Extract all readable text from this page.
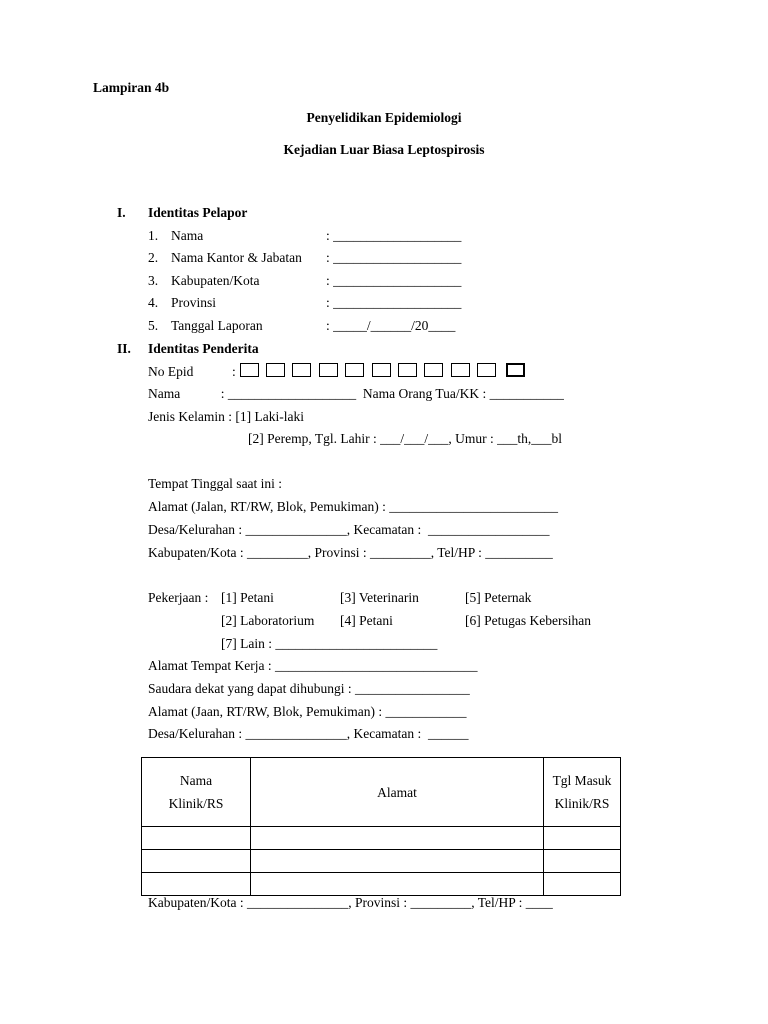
Lampiran 4b
Penyelidikan Epidemiologi
Kejadian Luar Biasa Leptospirosis
I. Identitas Pelapor
1. Nama	: ___________________
2. Nama Kantor & Jabatan : ___________________
3. Kabupaten/Kota	: ___________________
4. Provinsi	: ___________________
5. Tanggal Laporan	: _____/______/20____
II. Identitas Penderita
No Epid	:
Nama            : ___________________  Nama Orang Tua/KK : ___________
Jenis Kelamin : [1] Laki-laki
[2] Peremp, Tgl. Lahir : ___/___/___, Umur : ___th,___bl
Tempat Tinggal saat ini :
Alamat (Jalan, RT/RW, Blok, Pemukiman) : _________________________
Desa/Kelurahan : _______________, Kecamatan :  __________________
Kabupaten/Kota : _________, Provinsi : _________, Tel/HP : __________
Pekerjaan : [1] Petani	[3] Veterinarin	[5] Peternak
[2] Laboratorium [4] Petani	[6] Petugas Kebersihan
[7] Lain : ________________________
Alamat Tempat Kerja : ______________________________
Saudara dekat yang dapat dihubungi : _________________
Alamat (Jaan, RT/RW, Blok, Pemukiman) : ____________
Desa/Kelurahan : _______________, Kecamatan :  ______
Nama Klinik/RS	Alamat	Tgl Masuk Klinik/RS

Kabupaten/Kota : _______________, Provinsi : _________, Tel/HP : ____
